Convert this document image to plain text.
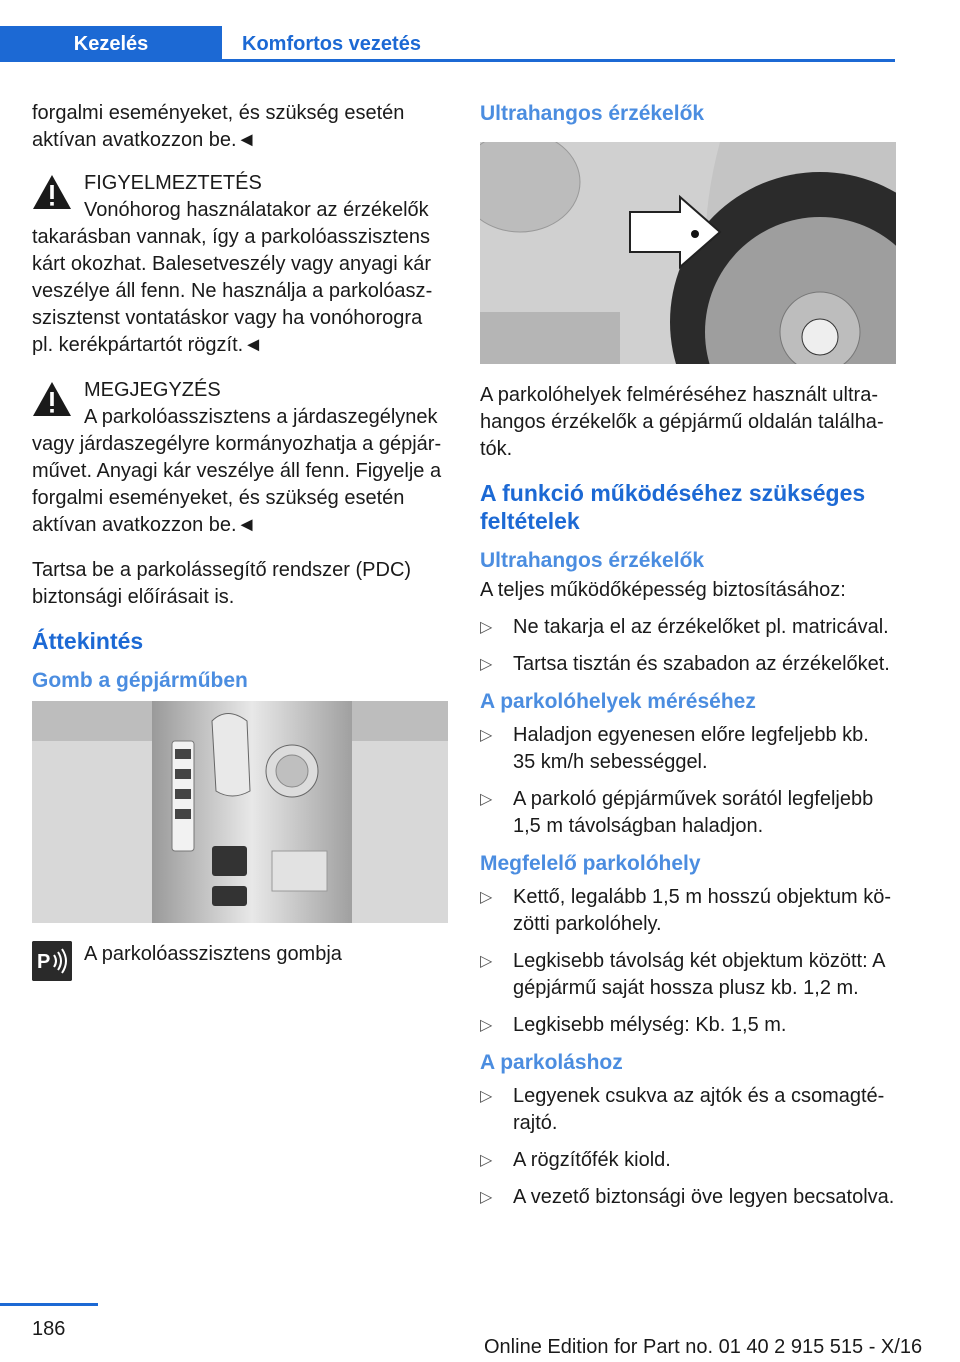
Kezelés	Komfortos vezetés

forgalmi eseményeket, és szükség esetén aktívan avatkozzon be.◄

FIGYELMEZTETÉS

Vonóhorog használatakor az érzékelők

takarásban vannak, így a parkolóasszisztens kárt okozhat. Balesetveszély vagy anyagi kár veszélye áll fenn. Ne használja a parkolóaszszisztenst vontatáskor vagy ha vonóhorogra pl. kerékpártartót rögzít.◄

MEGJEGYZÉS

A parkolóasszisztens a járdaszegélynek

vagy járdaszegélyre kormányozhatja a gépjárművet. Anyagi kár veszélye áll fenn. Figyelje a forgalmi eseményeket, és szükség esetén aktívan avatkozzon be.◄

Tartsa be a parkolássegítő rendszer (PDC) biztonsági előírásait is.

Áttekintés
Gomb a gépjárműben
P A parkolóasszisztens gombja

Ultrahangos érzékelők

A parkolóhelyek felméréséhez használt ultrahangos érzékelők a gépjármű oldalán találhatók.

A funkció működéséhez szükséges feltételek
Ultrahangos érzékelők

A teljes működőképesség biztosításához:

▷ Ne takarja el az érzékelőket pl. matricával.
▷ Tartsa tisztán és szabadon az érzékelőket.
A parkolóhelyek méréséhez
▷ Haladjon egyenesen előre legfeljebb kb. 35 km/h sebességgel.
▷ A parkoló gépjárművek sorától legfeljebb 1,5 m távolságban haladjon.
Megfelelő parkolóhely
▷ Kettő, legalább 1,5 m hosszú objektum közötti parkolóhely.
▷ Legkisebb távolság két objektum között: A gépjármű saját hossza plusz kb. 1,2 m.
▷ Legkisebb mélység: Kb. 1,5 m.
A parkoláshoz
▷ Legyenek csukva az ajtók és a csomagtérajtó.
▷ A rögzítőfék kiold.
▷ A vezető biztonsági öve legyen becsatolva.
186
Online Edition for Part no. 01 40 2 915 515 - X/16
